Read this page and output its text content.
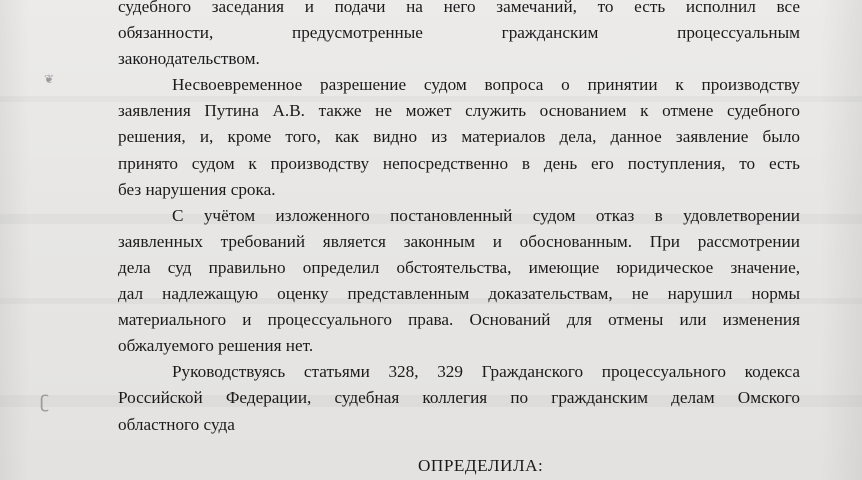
❦
ʗ

судебного заседания и подачи на него замечаний, то есть исполнил все
обязанности, предусмотренные гражданским процессуальным
законодательством.

Несвоевременное разрешение судом вопроса о принятии к производству
заявления Путина А.В. также не может служить основанием к отмене судебного
решения, и, кроме того, как видно из материалов дела, данное заявление было
принято судом к производству непосредственно в день его поступления, то есть
без нарушения срока.

С учётом изложенного постановленный судом отказ в удовлетворении
заявленных требований является законным и обоснованным. При рассмотрении
дела суд правильно определил обстоятельства, имеющие юридическое значение,
дал надлежащую оценку представленным доказательствам, не нарушил нормы
материального и процессуального права. Оснований для отмены или изменения
обжалуемого решения нет.

Руководствуясь статьями 328, 329 Гражданского процессуального кодекса
Российской Федерации, судебная коллегия по гражданским делам Омского
областного суда

ОПРЕДЕЛИЛА:
